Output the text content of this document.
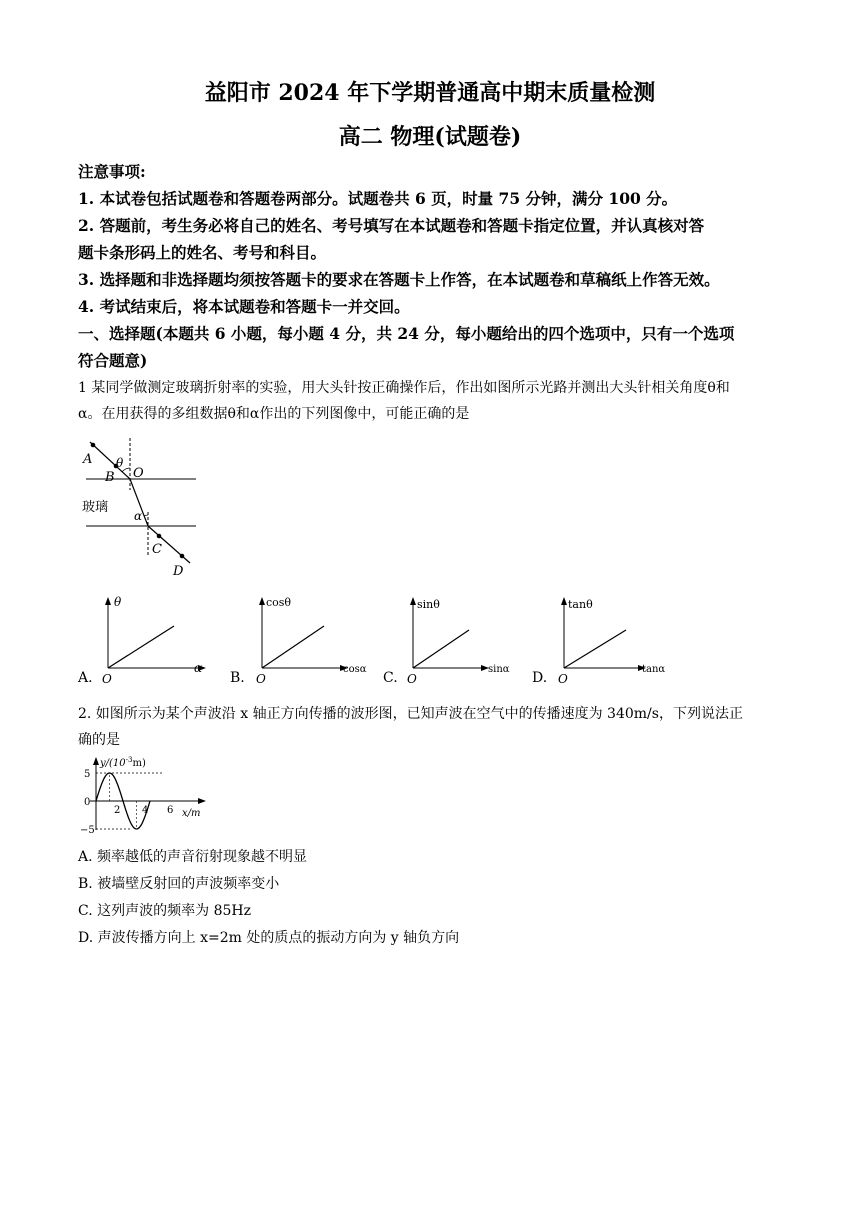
益阳市 2024 年下学期普通高中期末质量检测
高二 物理(试题卷)
注意事项:
1. 本试卷包括试题卷和答题卷两部分。试题卷共 6 页，时量 75 分钟，满分 100 分。
2. 答题前，考生务必将自己的姓名、考号填写在本试题卷和答题卡指定位置，并认真核对答
题卡条形码上的姓名、考号和科目。
3. 选择题和非选择题均须按答题卡的要求在答题卡上作答，在本试题卷和草稿纸上作答无效。
4. 考试结束后，将本试题卷和答题卡一并交回。
一、选择题(本题共 6 小题，每小题 4 分，共 24 分，每小题给出的四个选项中，只有一个选项
符合题意)
1 某同学做测定玻璃折射率的实验，用大头针按正确操作后，作出如图所示光路并测出大头针相关角度θ和
α。在用获得的多组数据θ和α作出的下列图像中，可能正确的是
A
B O
C
D
θ
α
玻璃
A.
θ
α
O	B.
cosθ
cosα
O	C.
sinθ
sinα
O	D.
tanθ
tanα
O
2. 如图所示为某个声波沿 x 轴正方向传播的波形图，已知声波在空气中的传播速度为 340m/s，下列说法正
确的是
$y/(10^{-3}m)$
x/m
5
0
−5
2 4 6
A. 频率越低的声音衍射现象越不明显
B. 被墙壁反射回的声波频率变小
C. 这列声波的频率为 85Hz
D. 声波传播方向上 x=2m 处的质点的振动方向为 y 轴负方向
